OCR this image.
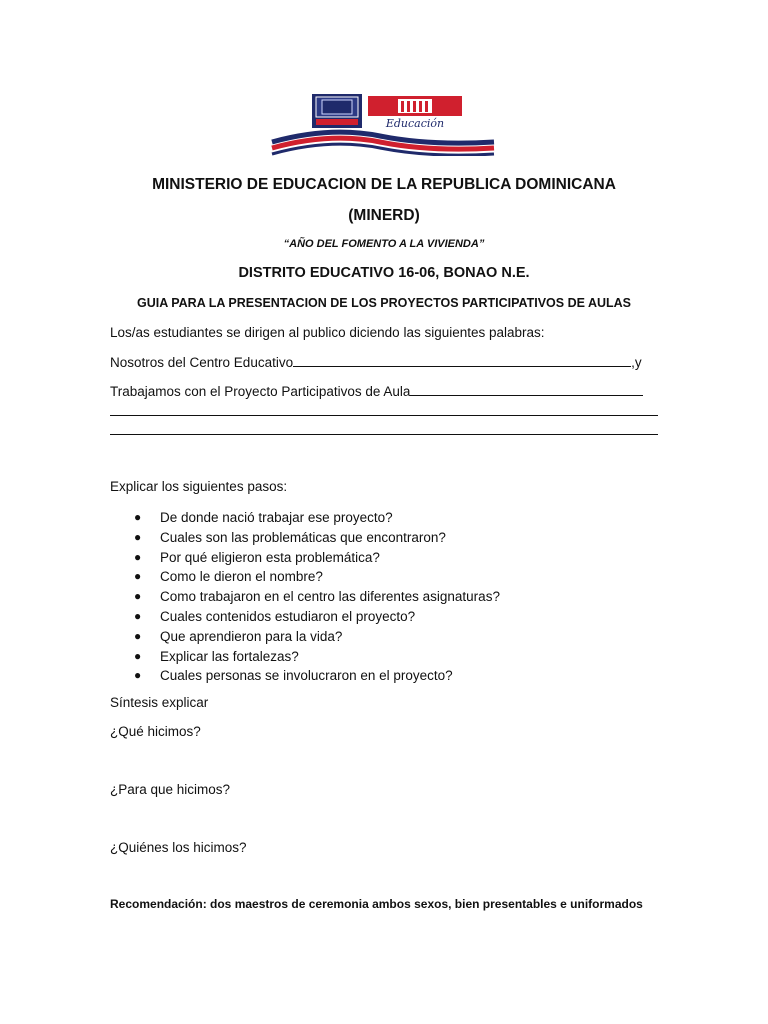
Educación
MINISTERIO DE EDUCACION DE LA REPUBLICA DOMINICANA
(MINERD)
“AÑO DEL FOMENTO A LA VIVIENDA”
DISTRITO EDUCATIVO 16-06, BONAO N.E.
GUIA PARA LA PRESENTACION DE LOS PROYECTOS PARTICIPATIVOS DE AULAS
Los/as estudiantes se dirigen al publico diciendo las siguientes palabras:
Nosotros del Centro Educativo	,y
Trabajamos con el Proyecto Participativos de Aula
Explicar los siguientes pasos:
● De donde nació trabajar ese proyecto?
● Cuales son las problemáticas que encontraron?
● Por qué eligieron esta problemática?
● Como le dieron el nombre?
● Como trabajaron en el centro las diferentes asignaturas?
● Cuales contenidos estudiaron el proyecto?
● Que aprendieron para la vida?
● Explicar las fortalezas?
● Cuales personas se involucraron en el proyecto?
Síntesis explicar
¿Qué hicimos?
¿Para que hicimos?
¿Quiénes los hicimos?
Recomendación: dos maestros de ceremonia ambos sexos, bien presentables e uniformados
